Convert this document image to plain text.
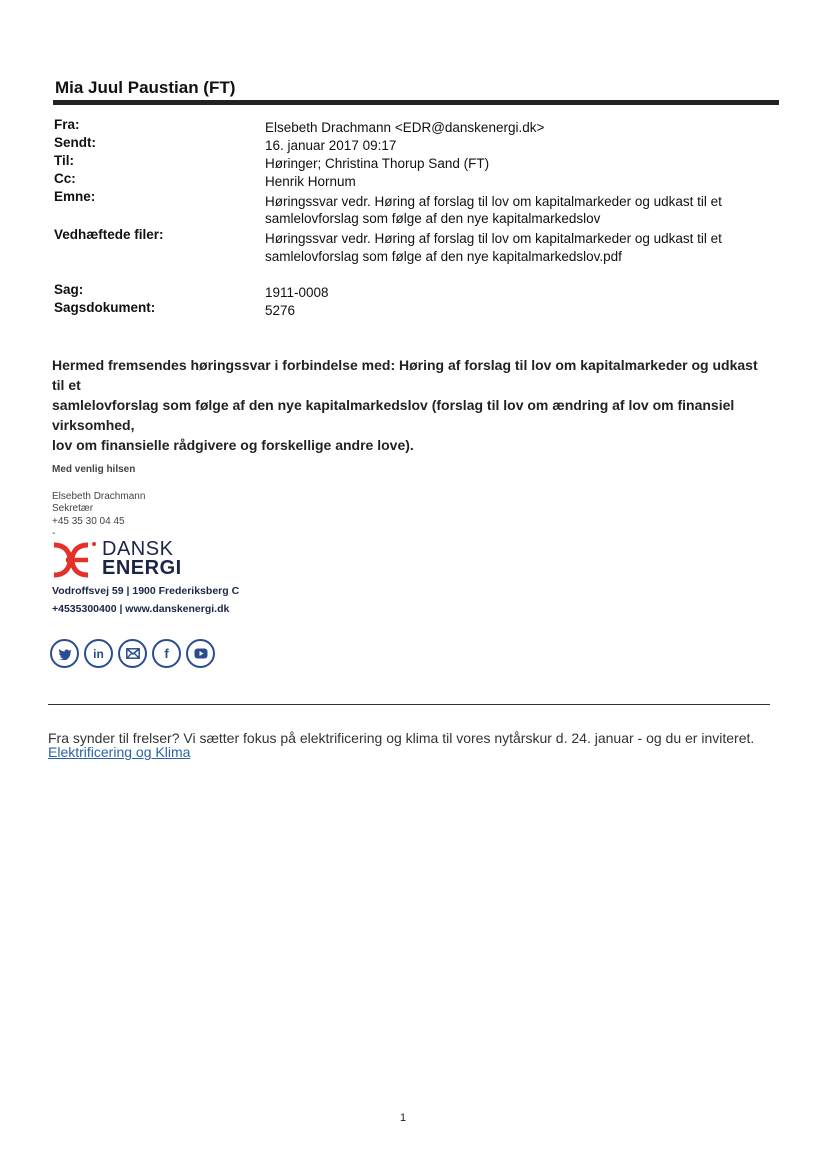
Mia Juul Paustian (FT)
Fra:	Elsebeth Drachmann <EDR@danskenergi.dk>
Sendt:	16. januar 2017 09:17
Til:	Høringer; Christina Thorup Sand (FT)
Cc:	Henrik Hornum
Emne:	Høringssvar vedr. Høring af forslag til lov om kapitalmarkeder og udkast til et
samlelovforslag som følge af den nye kapitalmarkedslov
Vedhæftede filer:	Høringssvar vedr. Høring af forslag til lov om kapitalmarkeder og udkast til et
samlelovforslag som følge af den nye kapitalmarkedslov.pdf
Sag:	1911-0008
Sagsdokument:	5276
Hermed fremsendes høringssvar i forbindelse med: Høring af forslag til lov om kapitalmarkeder og udkast til et
samlelovforslag som følge af den nye kapitalmarkedslov (forslag til lov om ændring af lov om finansiel virksomhed,
lov om finansielle rådgivere og forskellige andre love).
Med venlig hilsen
Elsebeth Drachmann
Sekretær
+45 35 30 04 45
-
DANSK
ENERGI
Vodroffsvej 59 | 1900 Frederiksberg C
+4535300400 | www.danskenergi.dk
in	f
Fra synder til frelser? Vi sætter fokus på elektrificering og klima til vores nytårskur d. 24. januar - og du er inviteret.
Elektrificering og Klima
1
